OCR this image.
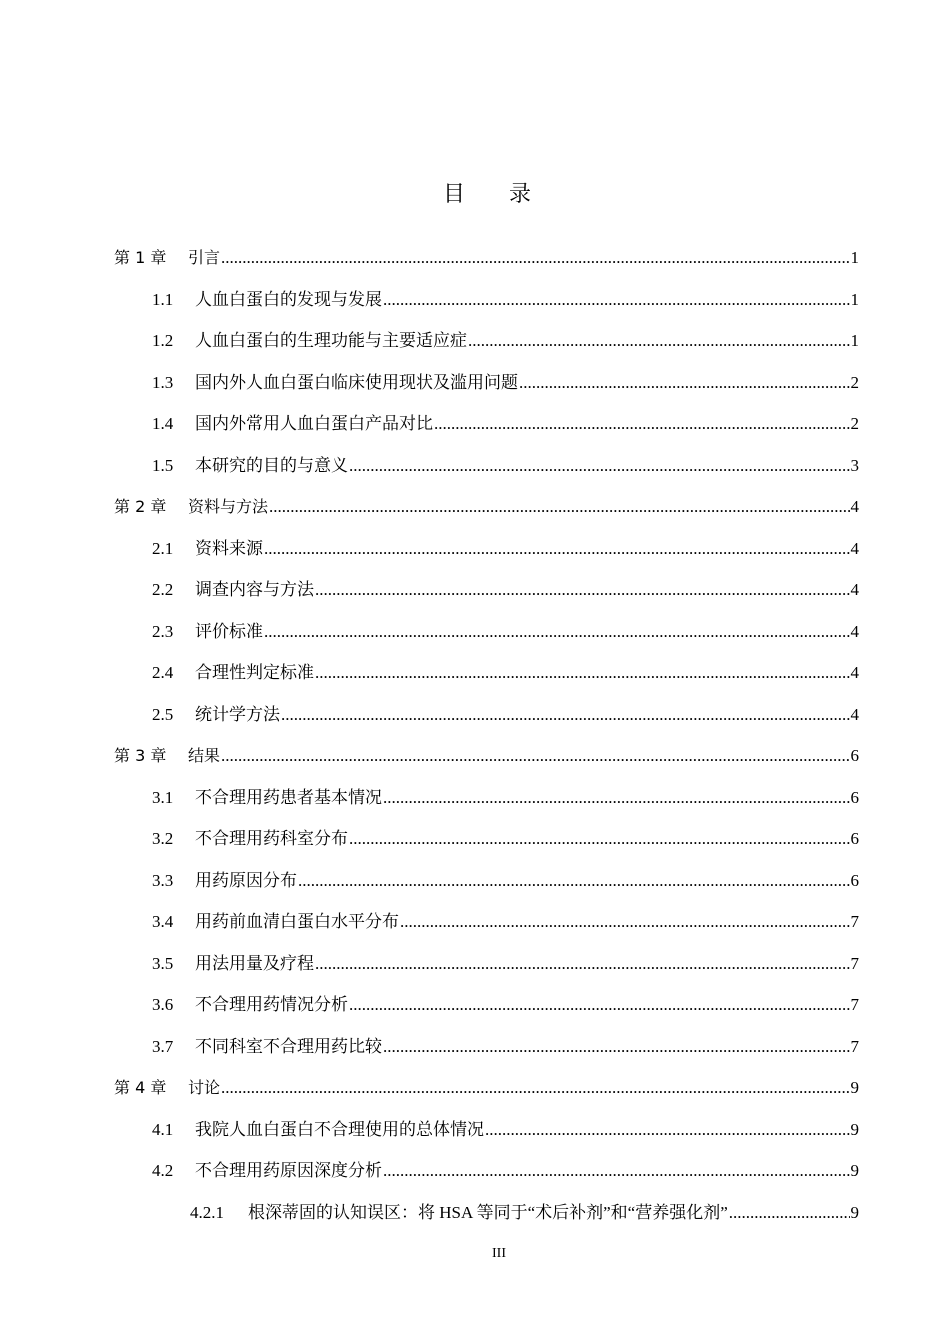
目 录
第 1 章	引言 .....	1
1.1	人血白蛋白的发现与发展 .....	1
1.2	人血白蛋白的生理功能与主要适应症 .....	1
1.3	国内外人血白蛋白临床使用现状及滥用问题 .....	2
1.4	国内外常用人血白蛋白产品对比 .....	2
1.5	本研究的目的与意义 .....	3
第 2 章	资料与方法 .....	4
2.1	资料来源 .....	4
2.2	调查内容与方法 .....	4
2.3	评价标准 .....	4
2.4	合理性判定标准 .....	4
2.5	统计学方法 .....	4
第 3 章	结果 .....	6
3.1	不合理用药患者基本情况 .....	6
3.2	不合理用药科室分布 .....	6
3.3	用药原因分布 .....	6
3.4	用药前血清白蛋白水平分布 .....	7
3.5	用法用量及疗程 .....	7
3.6	不合理用药情况分析 .....	7
3.7	不同科室不合理用药比较 .....	7
第 4 章	讨论 .....	9
4.1	我院人血白蛋白不合理使用的总体情况 .....	9
4.2	不合理用药原因深度分析 .....	9
4.2.1	根深蒂固的认知误区：将 HSA 等同于“术后补剂”和“营养强化剂” .....	9
III
